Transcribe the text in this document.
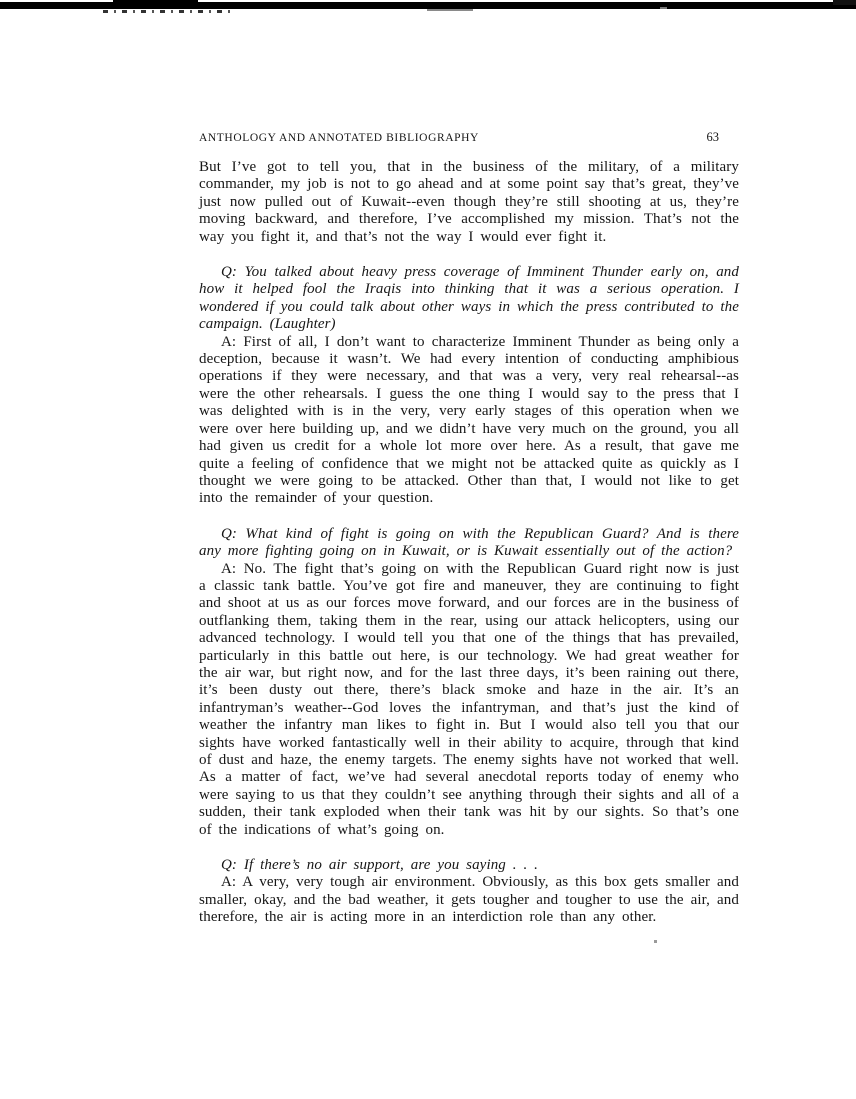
ANTHOLOGY AND ANNOTATED BIBLIOGRAPHY	63

But I’ve got to tell you, that in the business of the military, of a military commander, my job is not to go ahead and at some point say that’s great, they’ve just now pulled out of Kuwait--even though they’re still shooting at us, they’re moving backward, and therefore, I’ve accomplished my mission. That’s not the way you fight it, and that’s not the way I would ever fight it.

Q: You talked about heavy press coverage of Imminent Thunder early on, and how it helped fool the Iraqis into thinking that it was a serious operation. I wondered if you could talk about other ways in which the press contributed to the campaign. (Laughter)

A: First of all, I don’t want to characterize Imminent Thunder as being only a deception, because it wasn’t. We had every intention of conducting amphibious operations if they were necessary, and that was a very, very real rehearsal--as were the other rehearsals. I guess the one thing I would say to the press that I was delighted with is in the very, very early stages of this operation when we were over here building up, and we didn’t have very much on the ground, you all had given us credit for a whole lot more over here. As a result, that gave me quite a feeling of confidence that we might not be attacked quite as quickly as I thought we were going to be attacked. Other than that, I would not like to get into the remainder of your question.

Q: What kind of fight is going on with the Republican Guard? And is there any more fighting going on in Kuwait, or is Kuwait essentially out of the action?

A: No. The fight that’s going on with the Republican Guard right now is just a classic tank battle. You’ve got fire and maneuver, they are continuing to fight and shoot at us as our forces move forward, and our forces are in the business of outflanking them, taking them in the rear, using our attack helicopters, using our advanced technology. I would tell you that one of the things that has prevailed, particularly in this battle out here, is our technology. We had great weather for the air war, but right now, and for the last three days, it’s been raining out there, it’s been dusty out there, there’s black smoke and haze in the air. It’s an infantryman’s weather--God loves the infantryman, and that’s just the kind of weather the infantry man likes to fight in. But I would also tell you that our sights have worked fantastically well in their ability to acquire, through that kind of dust and haze, the enemy targets. The enemy sights have not worked that well. As a matter of fact, we’ve had several anecdotal reports today of enemy who were saying to us that they couldn’t see anything through their sights and all of a sudden, their tank exploded when their tank was hit by our sights. So that’s one of the indications of what’s going on.

Q: If there’s no air support, are you saying . . .

A: A very, very tough air environment. Obviously, as this box gets smaller and smaller, okay, and the bad weather, it gets tougher and tougher to use the air, and therefore, the air is acting more in an interdiction role than any other.
